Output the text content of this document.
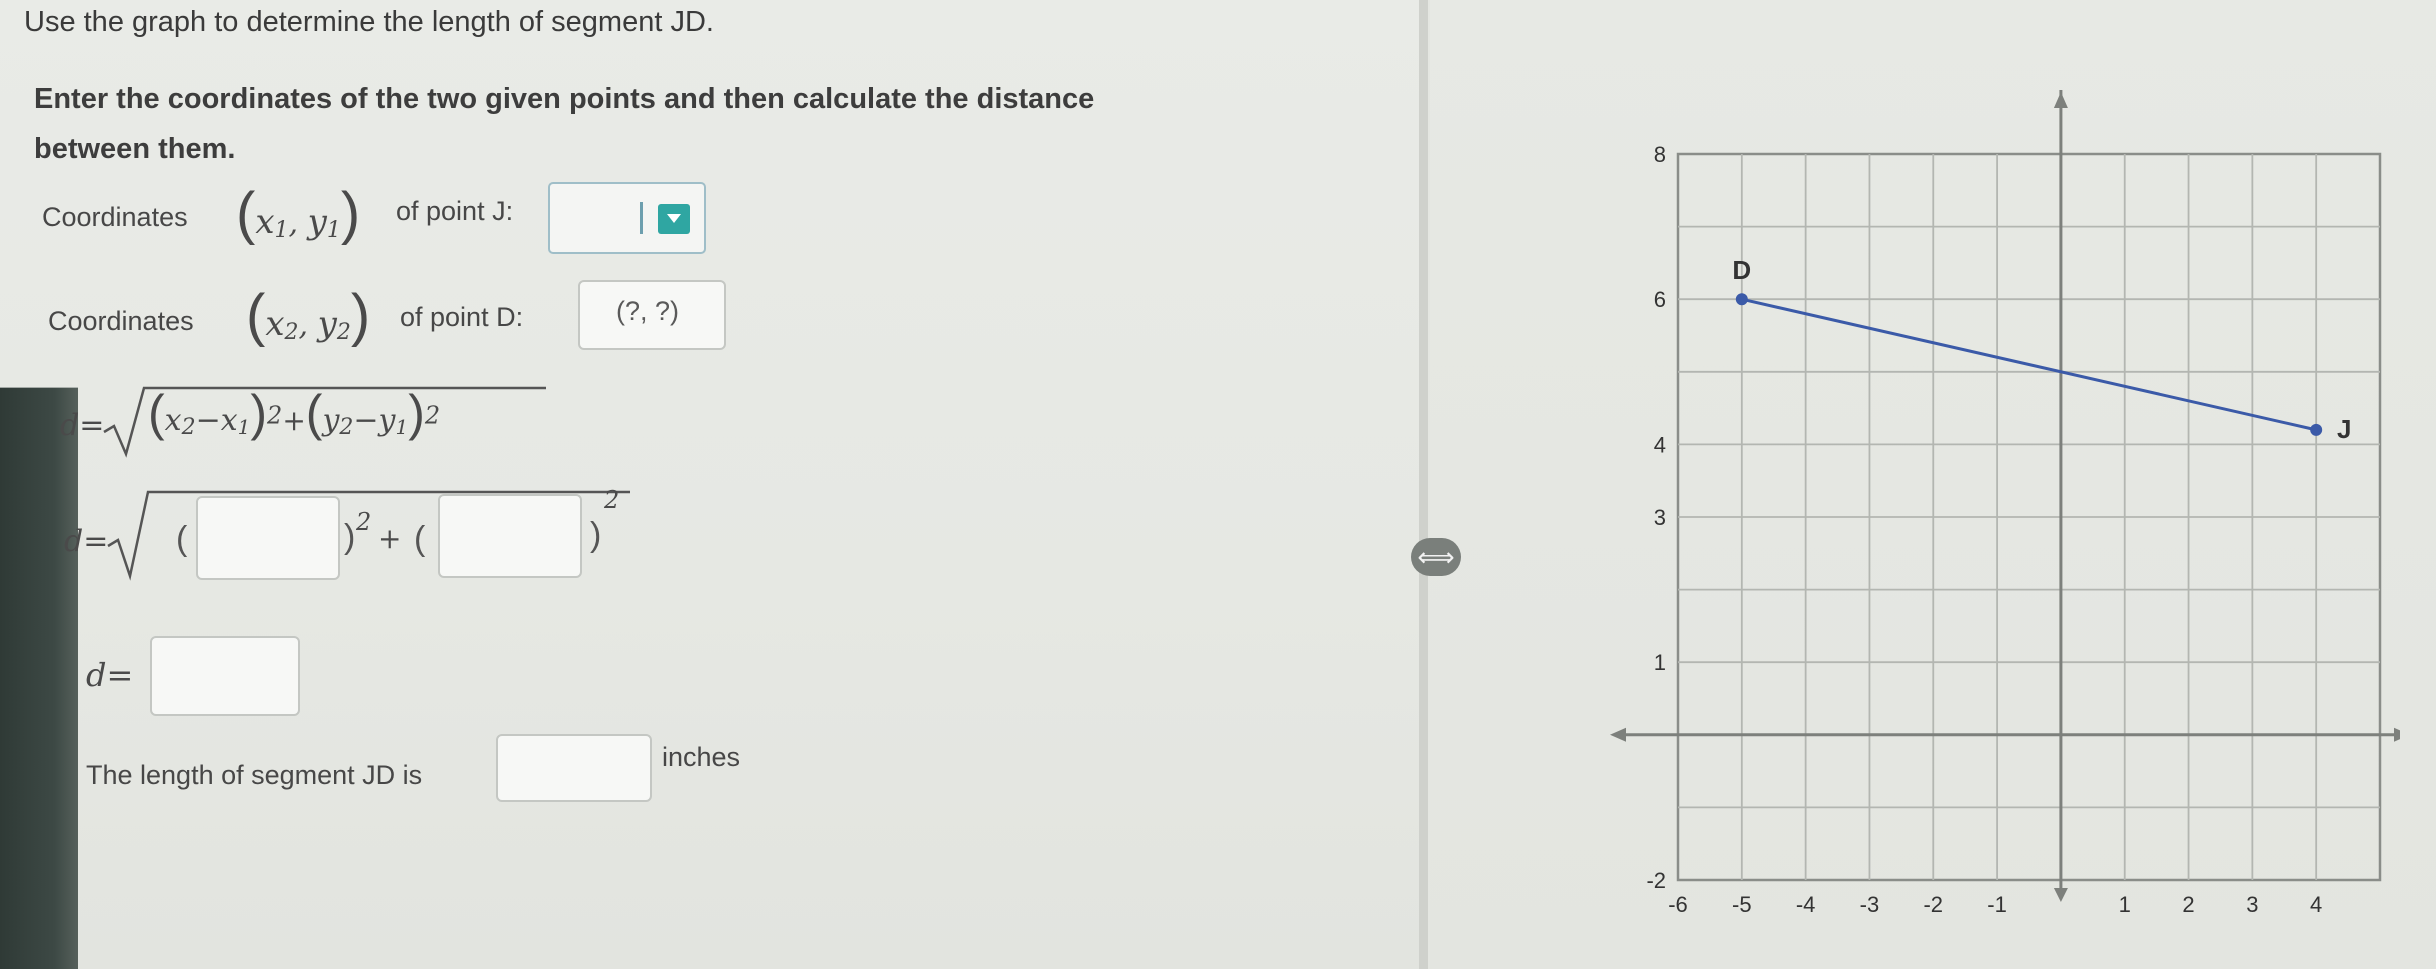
⟺
Use the graph to determine the length of segment JD.
Enter the coordinates of the two given points and then calculate the distance
between them.
Coordinates ($x_1$, $y_1$) of point J:
Coordinates ($x_2$, $y_2$) of point D:	(?, ?)
$d= (x_2-x_1)^2+(y_2-y_1)^2$
d= (	) 2 + (	)
2
d=
The length of segment JD is
inches
-6 -5 -4 -3 -2 -1	1 2 3 4
8
6
4
3
1
-2
D
J
